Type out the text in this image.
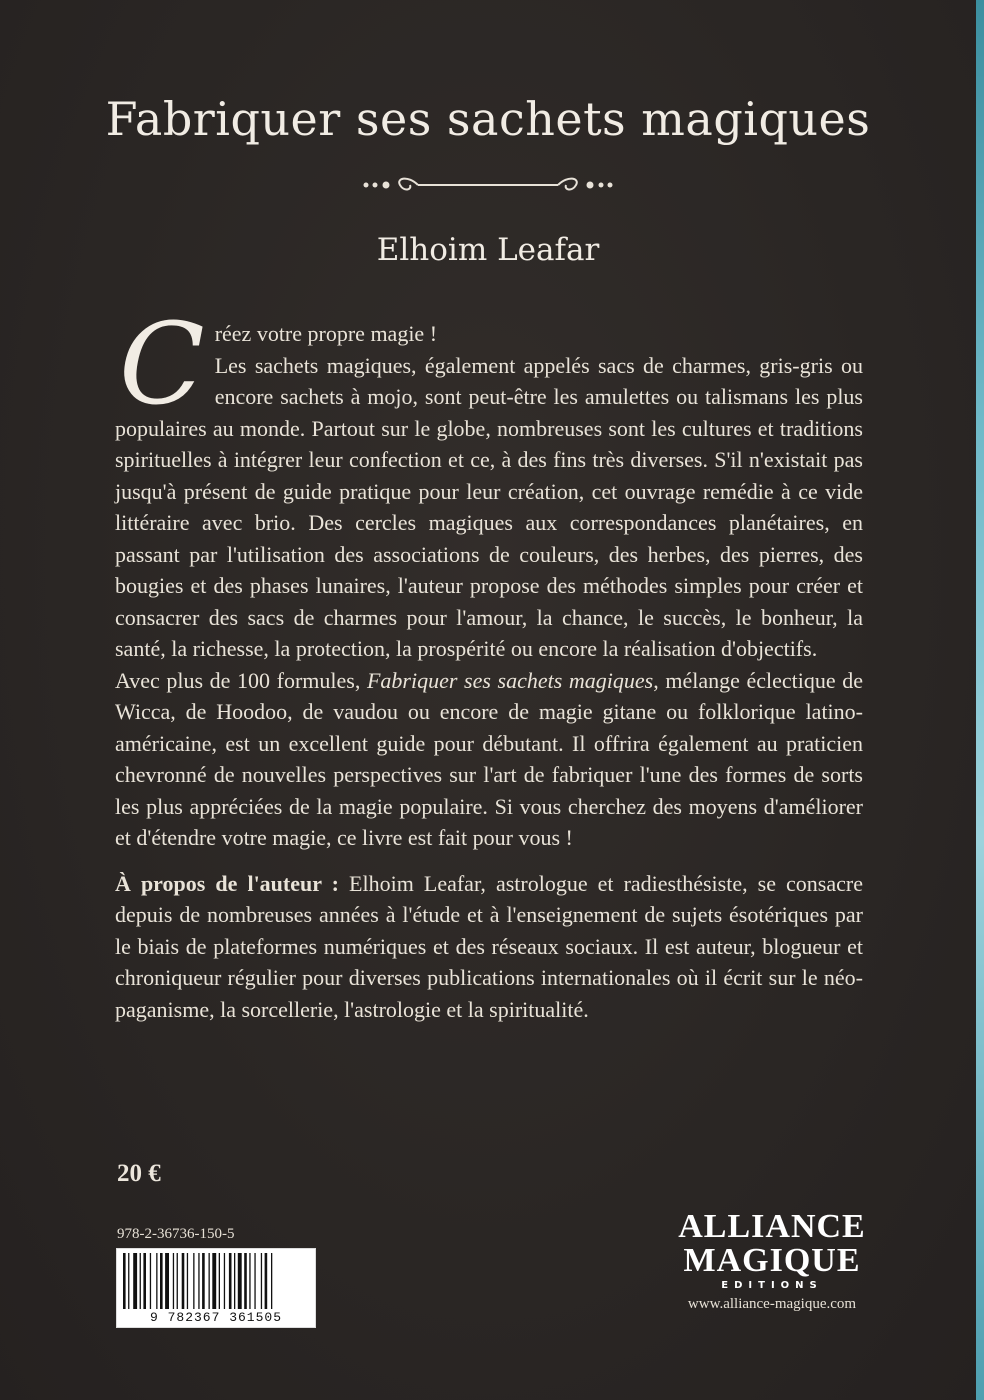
Fabriquer ses sachets magiques
Elhoim Leafar
C réez votre propre magie !

Les sachets magiques, également appelés sacs de charmes, gris-gris ou encore sachets à mojo, sont peut-être les amulettes ou talismans les plus populaires au monde. Partout sur le globe, nombreuses sont les cultures et traditions spirituelles à intégrer leur confection et ce, à des fins très diverses. S'il n'existait pas jusqu'à présent de guide pratique pour leur création, cet ouvrage remédie à ce vide littéraire avec brio. Des cercles magiques aux correspondances planétaires, en passant par l'utilisation des associations de couleurs, des herbes, des pierres, des bougies et des phases lunaires, l'auteur propose des méthodes simples pour créer et consacrer des sacs de charmes pour l'amour, la chance, le succès, le bonheur, la santé, la richesse, la protection, la prospérité ou encore la réalisation d'objectifs.

Avec plus de 100 formules, Fabriquer ses sachets magiques, mélange éclectique de Wicca, de Hoodoo, de vaudou ou encore de magie gitane ou folklorique latino-américaine, est un excellent guide pour débutant. Il offrira également au praticien chevronné de nouvelles perspectives sur l'art de fabriquer l'une des formes de sorts les plus appréciées de la magie populaire. Si vous cherchez des moyens d'améliorer et d'étendre votre magie, ce livre est fait pour vous !

À propos de l'auteur : Elhoim Leafar, astrologue et radiesthésiste, se consacre depuis de nombreuses années à l'étude et à l'enseignement de sujets ésotériques par le biais de plateformes numériques et des réseaux sociaux. Il est auteur, blogueur et chroniqueur régulier pour diverses publications internationales où il écrit sur le néo-paganisme, la sorcellerie, l'astrologie et la spiritualité.

20 €
978-2-36736-150-5
9 782367 361505
ALLIANCE
MAGIQUE
EDITIONS
www.alliance-magique.com
